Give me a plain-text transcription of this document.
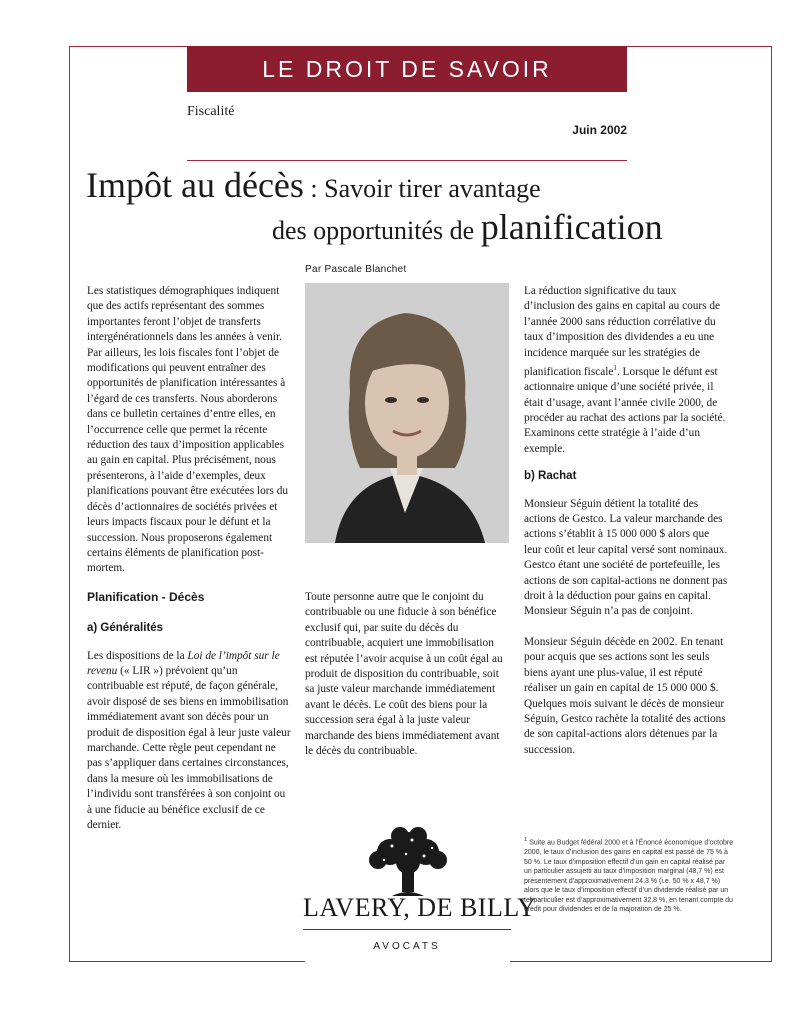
LE DROIT DE SAVOIR
Fiscalité
Juin 2002
Impôt au décès : Savoir tirer avantage
des opportunités de planification
Par Pascale Blanchet

Les statistiques démographiques indiquent que des actifs représentant des sommes importantes feront l’objet de transferts intergénérationnels dans les années à venir. Par ailleurs, les lois fiscales font l’objet de modifications qui peuvent entraîner des opportunités de planification intéressantes à l’égard de ces transferts. Nous aborderons dans ce bulletin certaines d’entre elles, en l’occurrence celle que permet la récente réduction des taux d’imposition applicables au gain en capital. Plus précisément, nous présenterons, à l’aide d’exemples, deux planifications pouvant être exécutées lors du décès d’actionnaires de sociétés privées et leurs impacts fiscaux pour le défunt et la succession. Nous proposerons également certains éléments de planification post-mortem.

Planification - Décès

a) Généralités

Les dispositions de la Loi de l’impôt sur le revenu (« LIR ») prévoient qu’un contribuable est réputé, de façon générale, avoir disposé de ses biens en immobilisation immédiatement avant son décès pour un produit de disposition égal à leur juste valeur marchande. Cette règle peut cependant ne pas s’appliquer dans certaines circonstances, dans la mesure où les immobilisations de l’individu sont transférées à son conjoint ou à une fiducie au bénéfice exclusif de ce dernier.

Toute personne autre que le conjoint du contribuable ou une fiducie à son bénéfice exclusif qui, par suite du décès du contribuable, acquiert une immobilisation est réputée l’avoir acquise à un coût égal au produit de disposition du contribuable, soit sa juste valeur marchande immédiatement avant le décès. Le coût des biens pour la succession sera égal à la juste valeur marchande des biens immédiatement avant le décès du contribuable.

La réduction significative du taux d’inclusion des gains en capital au cours de l’année 2000 sans réduction corrélative du taux d’imposition des dividendes a eu une incidence marquée sur les stratégies de planification fiscale$^1$. Lorsque le défunt est actionnaire unique d’une société privée, il était d’usage, avant l’année civile 2000, de procéder au rachat des actions par la société. Examinons cette stratégie à l’aide d’un exemple.

b) Rachat

Monsieur Séguin détient la totalité des actions de Gestco. La valeur marchande des actions s’établit à 15 000 000 $ alors que leur coût et leur capital versé sont nominaux. Gestco étant une société de portefeuille, les actions de son capital-actions ne donnent pas droit à la déduction pour gains en capital. Monsieur Séguin n’a pas de conjoint.

Monsieur Séguin décède en 2002. En tenant pour acquis que ses actions sont les seuls biens ayant une plus-value, il est réputé réaliser un gain en capital de 15 000 000 $. Quelques mois suivant le décès de monsieur Séguin, Gestco rachète la totalité des actions de son capital-actions alors détenues par la succession.

$^1$ Suite au Budget fédéral 2000 et à l’Énoncé économique d’octobre 2000, le taux d’inclusion des gains en capital est passé de 75 % à 50 %. Le taux d’imposition effectif d’un gain en capital réalisé par un particulier assujetti au taux d’imposition marginal (48,7 %) est présentement d’approximativement 24,3 % (i.e. 50 % x 48,7 %) alors que le taux d’imposition effectif d’un dividende réalisé par un tel particulier est d’approximativement 32,8 %, en tenant compte du crédit pour dividendes et de la majoration de 25 %.
LAVERY, DE BILLY
AVOCATS
